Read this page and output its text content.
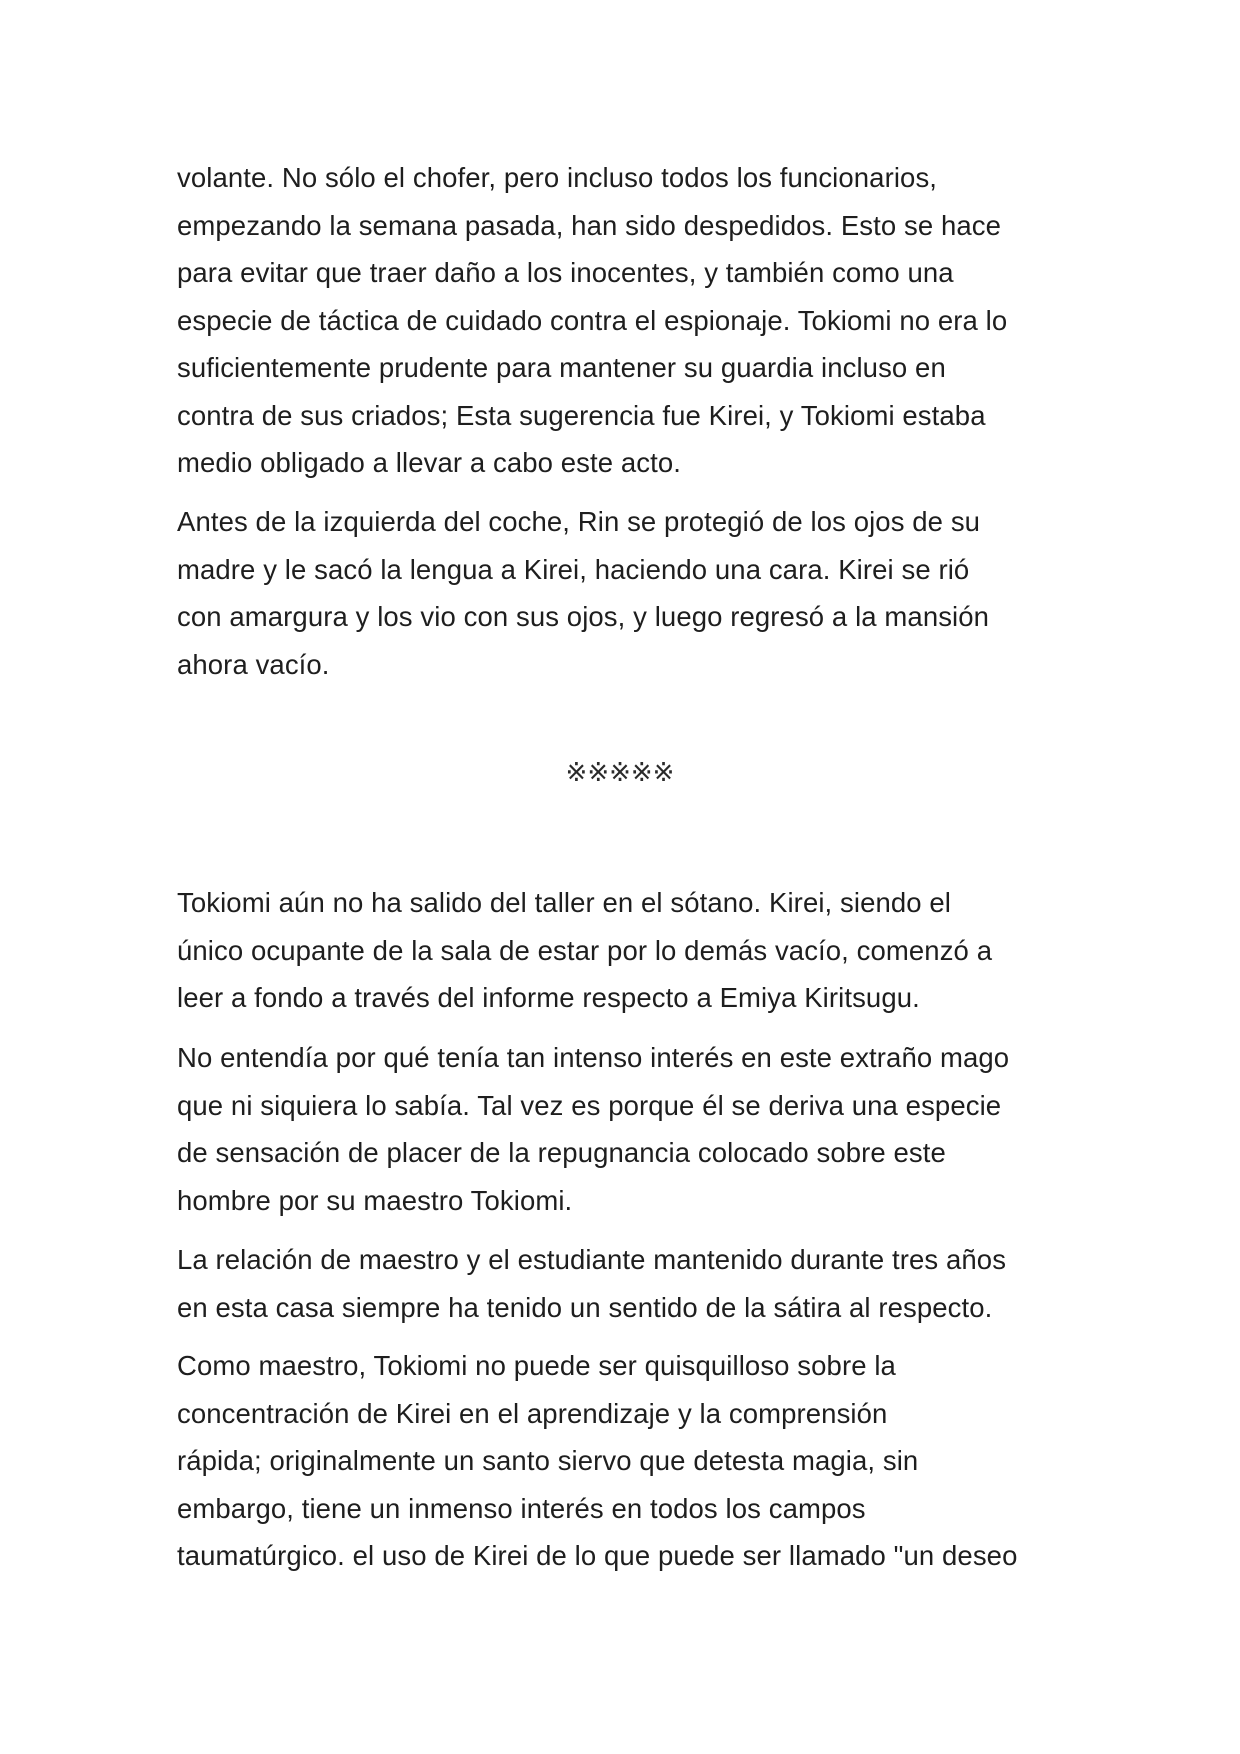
volante. No sólo el chofer, pero incluso todos los funcionarios,
empezando la semana pasada, han sido despedidos. Esto se hace
para evitar que traer daño a los inocentes, y también como una
especie de táctica de cuidado contra el espionaje. Tokiomi no era lo
suficientemente prudente para mantener su guardia incluso en
contra de sus criados; Esta sugerencia fue Kirei, y Tokiomi estaba
medio obligado a llevar a cabo este acto.

Antes de la izquierda del coche, Rin se protegió de los ojos de su
madre y le sacó la lengua a Kirei, haciendo una cara. Kirei se rió
con amargura y los vio con sus ojos, y luego regresó a la mansión
ahora vacío.

※※※※※

Tokiomi aún no ha salido del taller en el sótano. Kirei, siendo el
único ocupante de la sala de estar por lo demás vacío, comenzó a
leer a fondo a través del informe respecto a Emiya Kiritsugu.

No entendía por qué tenía tan intenso interés en este extraño mago
que ni siquiera lo sabía. Tal vez es porque él se deriva una especie
de sensación de placer de la repugnancia colocado sobre este
hombre por su maestro Tokiomi.

La relación de maestro y el estudiante mantenido durante tres años
en esta casa siempre ha tenido un sentido de la sátira al respecto.

Como maestro, Tokiomi no puede ser quisquilloso sobre la
concentración de Kirei en el aprendizaje y la comprensión
rápida; originalmente un santo siervo que detesta magia, sin
embargo, tiene un inmenso interés en todos los campos
taumatúrgico. el uso de Kirei de lo que puede ser llamado "un deseo
